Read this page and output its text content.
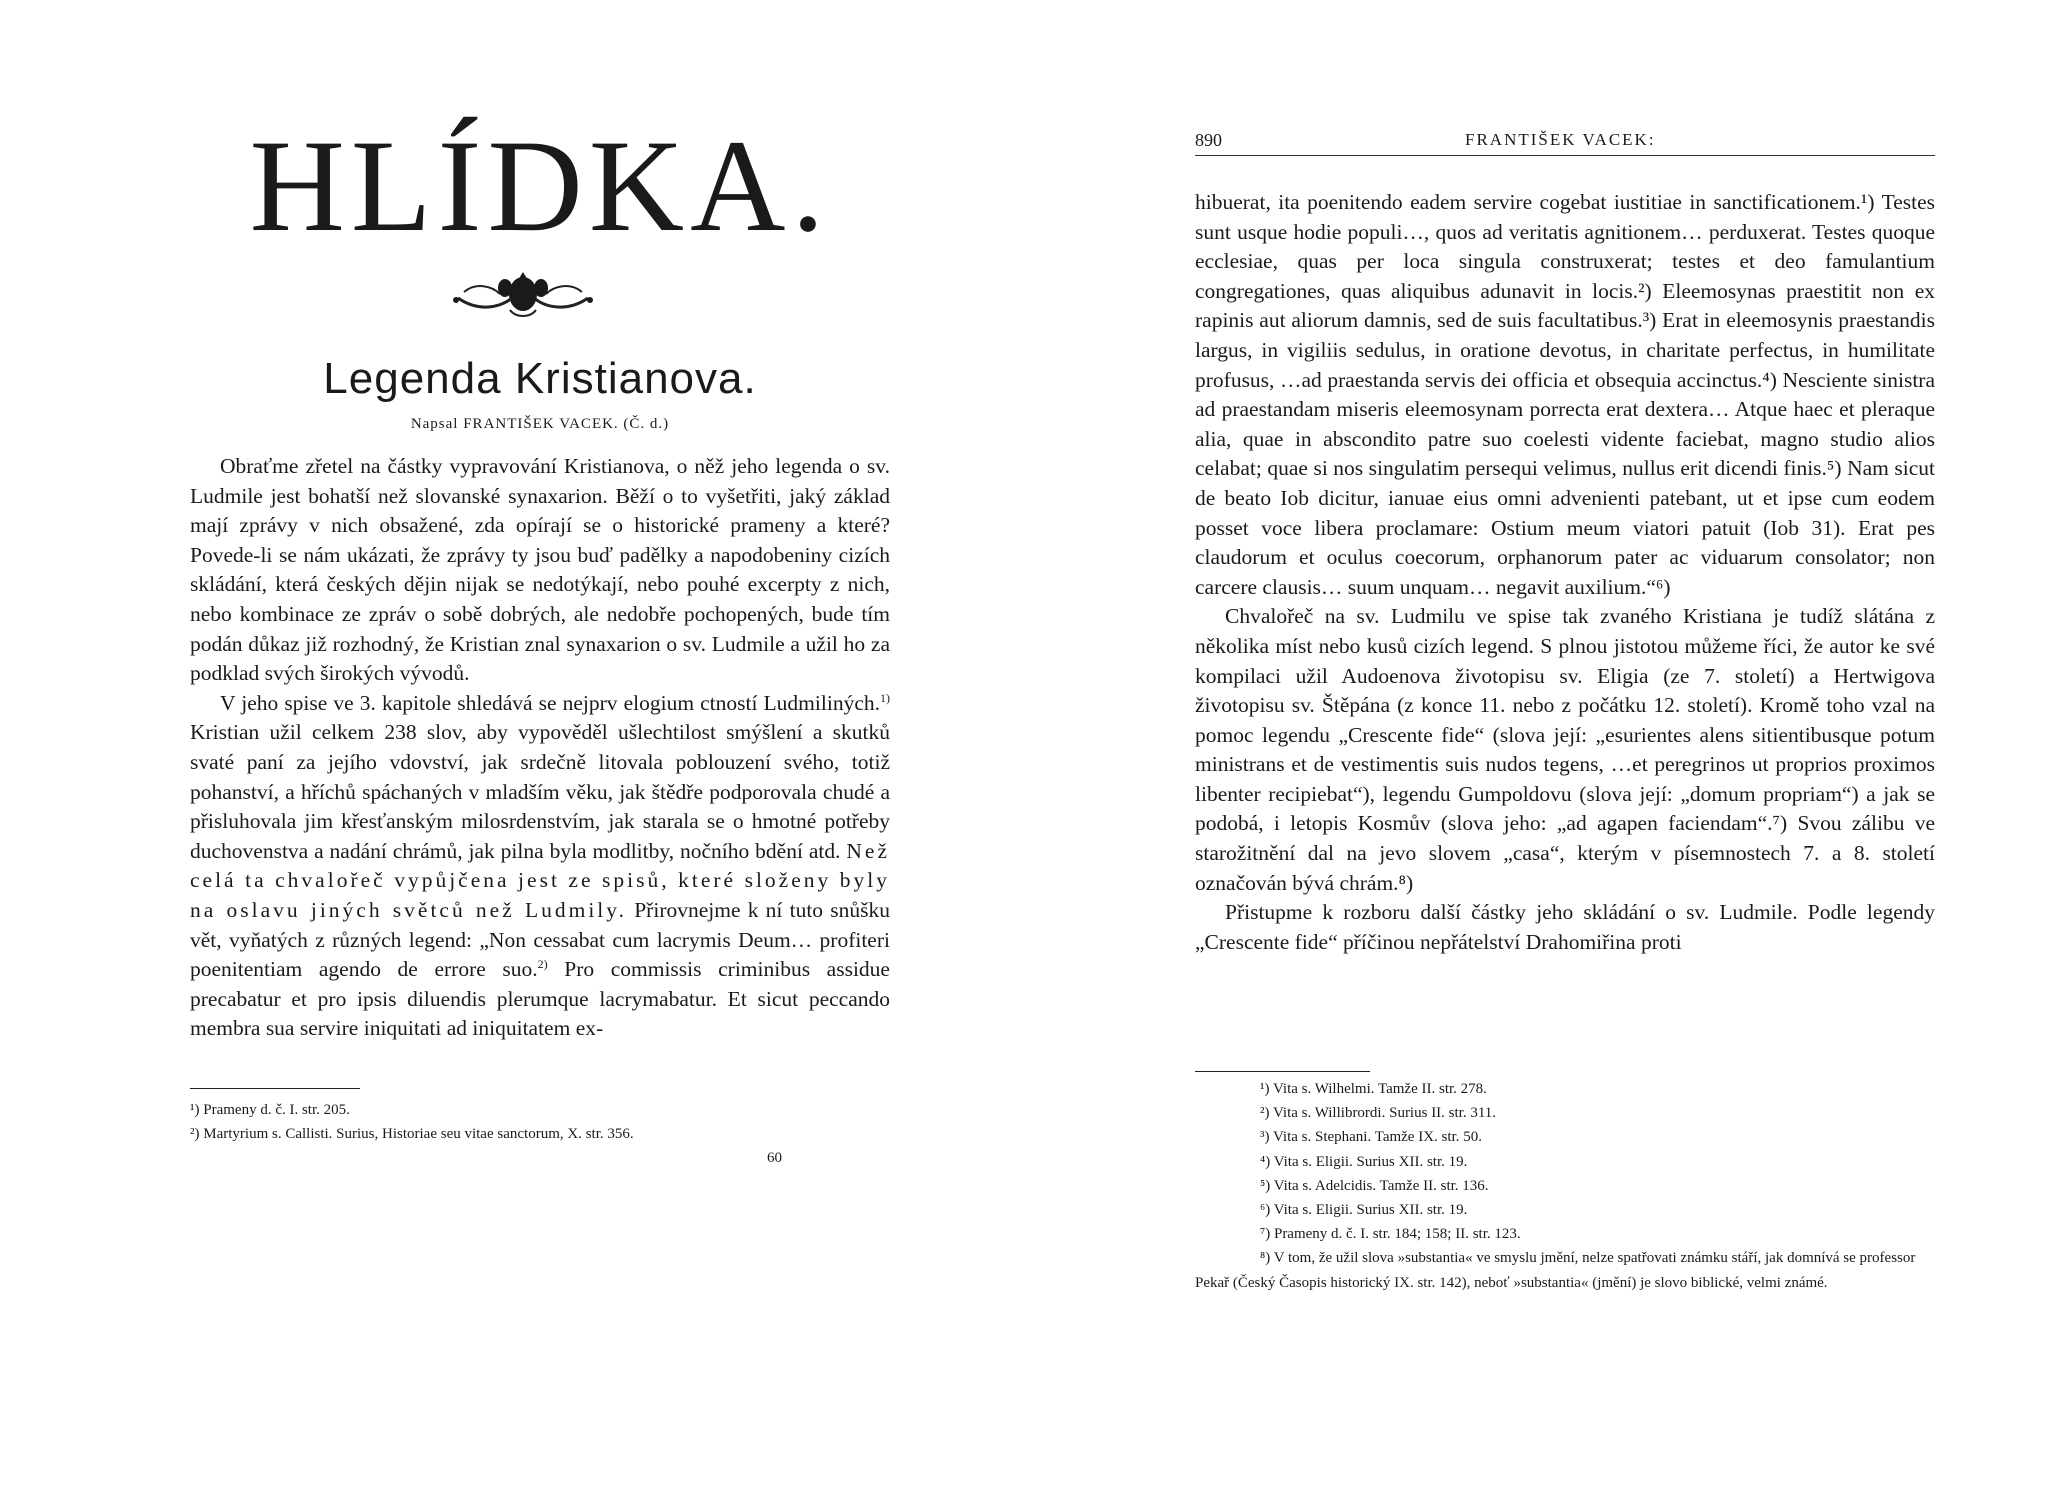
HLÍDKA.
Legenda Kristianova.
Napsal FRANTIŠEK VACEK. (Č. d.)

Obraťme zřetel na částky vypravování Kristianova, o něž jeho legenda o sv. Ludmile jest bohatší než slovanské synaxarion. Běží o to vyšetřiti, jaký základ mají zprávy v nich obsažené, zda opírají se o historické prameny a které? Povede-li se nám ukázati, že zprávy ty jsou buď padělky a napodobeniny cizích skládání, která českých dějin nijak se nedotýkají, nebo pouhé excerpty z nich, nebo kombinace ze zpráv o sobě dobrých, ale nedobře pochopených, bude tím podán důkaz již rozhodný, že Kristian znal synaxarion o sv. Ludmile a užil ho za podklad svých širokých vývodů.

V jeho spise ve 3. kapitole shledává se nejprv elogium ctností Ludmiliných.$^{1)}$ Kristian užil celkem 238 slov, aby vypověděl ušlechtilost smýšlení a skutků svaté paní za jejího vdovství, jak srdečně litovala poblouzení svého, totiž pohanství, a hříchů spáchaných v mladším věku, jak štědře podporovala chudé a přisluhovala jim křesťanským milosrdenstvím, jak starala se o hmotné potřeby duchovenstva a nadání chrámů, jak pilna byla modlitby, nočního bdění atd. Než celá ta chvalořeč vypůjčena jest ze spisů, které složeny byly na oslavu jiných světců než Ludmily. Přirovnejme k ní tuto snůšku vět, vyňatých z různých legend: „Non cessabat cum lacrymis Deum… profiteri poenitentiam agendo de errore suo.$^{2)}$ Pro commissis criminibus assidue precabatur et pro ipsis diluendis plerumque lacrymabatur. Et sicut peccando membra sua servire iniquitati ad iniquitatem ex-

¹) Prameny d. č. I. str. 205.
²) Martyrium s. Callisti. Surius, Historiae seu vitae sanctorum, X. str. 356.
60
890	FRANTIŠEK VACEK:

hibuerat, ita poenitendo eadem servire cogebat iustitiae in sanctificationem.¹) Testes sunt usque hodie populi…, quos ad veritatis agnitionem… perduxerat. Testes quoque ecclesiae, quas per loca singula construxerat; testes et deo famulantium congregationes, quas aliquibus adunavit in locis.²) Eleemosynas praestitit non ex rapinis aut aliorum damnis, sed de suis facultatibus.³) Erat in eleemosynis praestandis largus, in vigiliis sedulus, in oratione devotus, in charitate perfectus, in humilitate profusus, …ad praestanda servis dei officia et obsequia accinctus.⁴) Nesciente sinistra ad praestandam miseris eleemosynam porrecta erat dextera… Atque haec et pleraque alia, quae in abscondito patre suo coelesti vidente faciebat, magno studio alios celabat; quae si nos singulatim persequi velimus, nullus erit dicendi finis.⁵) Nam sicut de beato Iob dicitur, ianuae eius omni advenienti patebant, ut et ipse cum eodem posset voce libera proclamare: Ostium meum viatori patuit (Iob 31). Erat pes claudorum et oculus coecorum, orphanorum pater ac viduarum consolator; non carcere clausis… suum unquam… negavit auxilium.“⁶)

Chvalořeč na sv. Ludmilu ve spise tak zvaného Kristiana je tudíž slátána z několika míst nebo kusů cizích legend. S plnou jistotou můžeme říci, že autor ke své kompilaci užil Audoenova životopisu sv. Eligia (ze 7. století) a Hertwigova životopisu sv. Štěpána (z konce 11. nebo z počátku 12. století). Kromě toho vzal na pomoc legendu „Crescente fide“ (slova její: „esurientes alens sitientibusque potum ministrans et de vestimentis suis nudos tegens, …et peregrinos ut proprios proximos libenter recipiebat“), legendu Gumpoldovu (slova její: „domum propriam“) a jak se podobá, i letopis Kosmův (slova jeho: „ad agapen faciendam“.⁷) Svou zálibu ve starožitnění dal na jevo slovem „casa“, kterým v písemnostech 7. a 8. století označován bývá chrám.⁸)

Přistupme k rozboru další částky jeho skládání o sv. Ludmile. Podle legendy „Crescente fide“ příčinou nepřátelství Drahomiřina proti

¹) Vita s. Wilhelmi. Tamže II. str. 278.
²) Vita s. Willibrordi. Surius II. str. 311.
³) Vita s. Stephani. Tamže IX. str. 50.
⁴) Vita s. Eligii. Surius XII. str. 19.
⁵) Vita s. Adelcidis. Tamže II. str. 136.
⁶) Vita s. Eligii. Surius XII. str. 19.
⁷) Prameny d. č. I. str. 184; 158; II. str. 123.
⁸) V tom, že užil slova »substantia« ve smyslu jmění, nelze spatřovati známku stáří, jak domnívá se professor Pekař (Český Časopis historický IX. str. 142), neboť »substantia« (jmění) je slovo biblické, velmi známé.
